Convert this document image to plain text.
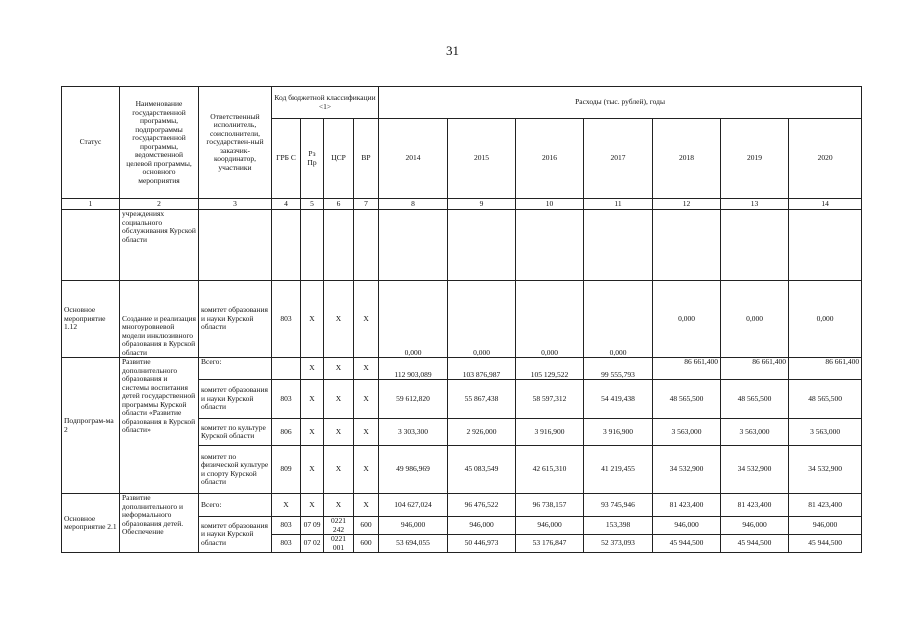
31
Статус	Наименование государственной программы, подпрограммы государственной программы, ведомственной целевой программы, основного мероприятия	Ответственный исполнитель, соисполнители, государствен-ный заказчик-координатор, участники	Код бюджетной классификации <1>				Расходы (тыс. рублей), годы						
			ГРБ С	Рз Пр	ЦСР	ВР	2014	2015	2016	2017	2018	2019	2020
1	2	3	4	5	6	7	8	9	10	11	12	13	14
	учреждениях социального обслуживания Курской области												
Основное мероприятие 1.12	Создание и реализация многоуровневой модели инклюзивного образования в Курской области	комитет образования и науки Курской области	803	Х	Х	Х	0,000	0,000	0,000	0,000	0,000	0,000	0,000
Подпрограм-ма 2	Развитие дополнительного образования и системы воспитания детей государственной программы Курской области «Развитие образования в Курской области»	Всего:		Х	Х	Х	112 903,089	103 876,987	105 129,522	99 555,793	86 661,400	86 661,400	86 661,400
		комитет образования и науки Курской области	803	Х	Х	Х	59 612,820	55 867,438	58 597,312	54 419,438	48 565,500	48 565,500	48 565,500
		комитет по культуре Курской области	806	Х	Х	Х	3 303,300	2 926,000	3 916,900	3 916,900	3 563,000	3 563,000	3 563,000
		комитет по физической культуре и спорту Курской области	809	Х	Х	Х	49 986,969	45 083,549	42 615,310	41 219,455	34 532,900	34 532,900	34 532,900
Основное мероприятие 2.1	Развитие дополнительного и неформального образования детей. Обеспечение	Всего:	Х	Х	Х	Х	104 627,024	96 476,522	96 738,157	93 745,946	81 423,400	81 423,400	81 423,400
		комитет образования и науки Курской области	803	07 09	0221 242	600	946,000	946,000	946,000	153,398	946,000	946,000	946,000
			803	07 02	0221 001	600	53 694,055	50 446,973	53 176,847	52 373,093	45 944,500	45 944,500	45 944,500
